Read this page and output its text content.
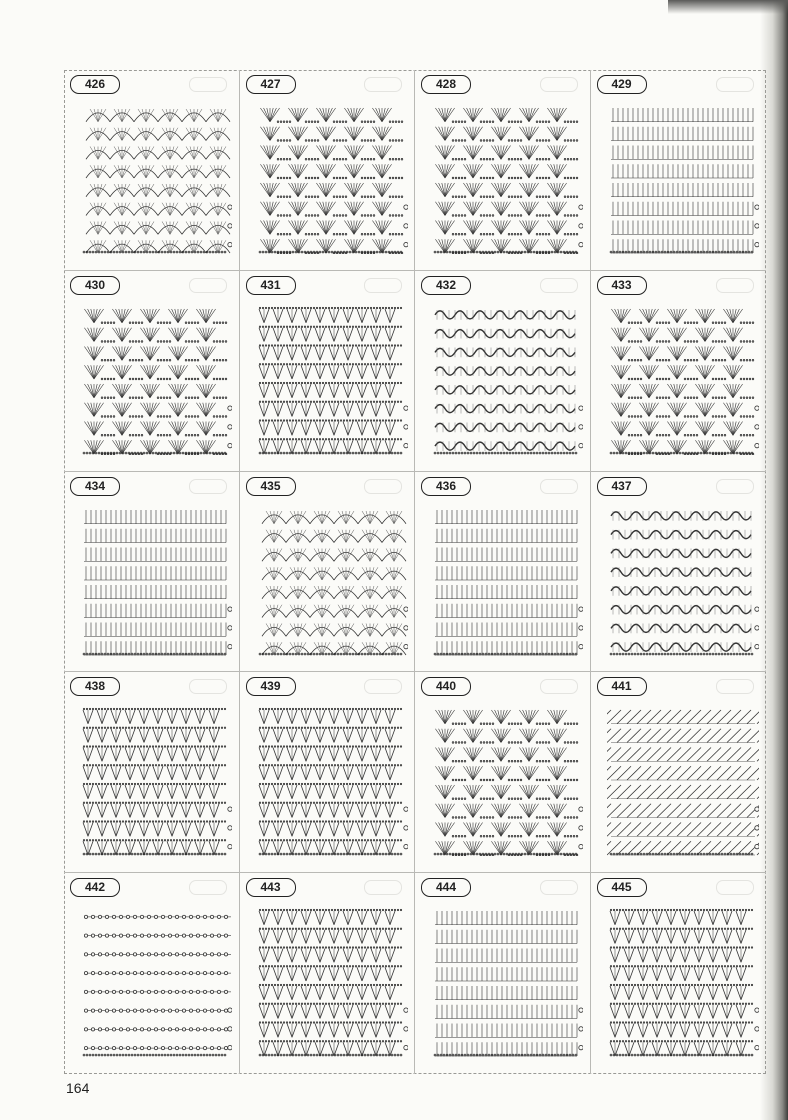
426	427	428	429
430	431	432	433
434	435	436	437
438	439	440	441
442	443	444	445
164
